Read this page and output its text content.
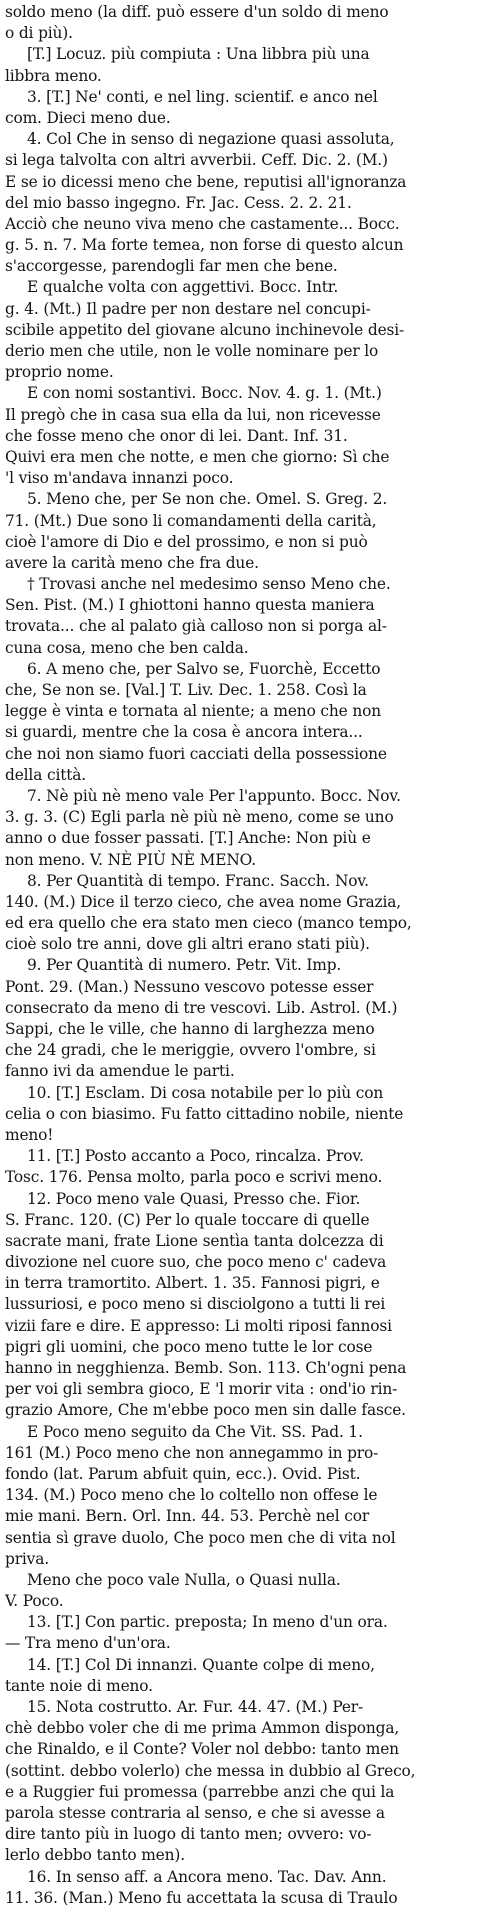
soldo meno (la diff. può essere d'un soldo di meno
o di più).
[T.] Locuz. più compiuta : Una libbra più una
libbra meno.
3. [T.] Ne' conti, e nel ling. scientif. e anco nel
com. Dieci meno due.
4. Col Che in senso di negazione quasi assoluta,
si lega talvolta con altri avverbii. Ceff. Dic. 2. (M.)
E se io dicessi meno che bene, reputisi all'ignoranza
del mio basso ingegno. Fr. Jac. Cess. 2. 2. 21.
Acciò che neuno viva meno che castamente... Bocc.
g. 5. n. 7. Ma forte temea, non forse di questo alcun
s'accorgesse, parendogli far men che bene.
E qualche volta con aggettivi. Bocc. Intr.
g. 4. (Mt.) Il padre per non destare nel concupi-
scibile appetito del giovane alcuno inchinevole desi-
derio men che utile, non le volle nominare per lo
proprio nome.
E con nomi sostantivi. Bocc. Nov. 4. g. 1. (Mt.)
Il pregò che in casa sua ella da lui, non ricevesse
che fosse meno che onor di lei. Dant. Inf. 31.
Quivi era men che notte, e men che giorno: Sì che
'l viso m'andava innanzi poco.
5. Meno che, per Se non che. Omel. S. Greg. 2.
71. (Mt.) Due sono li comandamenti della carità,
cioè l'amore di Dio e del prossimo, e non si può
avere la carità meno che fra due.
† Trovasi anche nel medesimo senso Meno che.
Sen. Pist. (M.) I ghiottoni hanno questa maniera
trovata... che al palato già calloso non si porga al-
cuna cosa, meno che ben calda.
6. A meno che, per Salvo se, Fuorchè, Eccetto
che, Se non se. [Val.] T. Liv. Dec. 1. 258. Così la
legge è vinta e tornata al niente; a meno che non
si guardi, mentre che la cosa è ancora intera...
che noi non siamo fuori cacciati della possessione
della città.
7. Nè più nè meno vale Per l'appunto. Bocc. Nov.
3. g. 3. (C) Egli parla nè più nè meno, come se uno
anno o due fosser passati. [T.] Anche: Non più e
non meno. V. NÈ PIÙ NÈ MENO.
8. Per Quantità di tempo. Franc. Sacch. Nov.
140. (M.) Dice il terzo cieco, che avea nome Grazia,
ed era quello che era stato men cieco (manco tempo,
cioè solo tre anni, dove gli altri erano stati più).
9. Per Quantità di numero. Petr. Vit. Imp.
Pont. 29. (Man.) Nessuno vescovo potesse esser
consecrato da meno di tre vescovi. Lib. Astrol. (M.)
Sappi, che le ville, che hanno di larghezza meno
che 24 gradi, che le meriggie, ovvero l'ombre, si
fanno ivi da amendue le parti.
10. [T.] Esclam. Di cosa notabile per lo più con
celia o con biasimo. Fu fatto cittadino nobile, niente
meno!
11. [T.] Posto accanto a Poco, rincalza. Prov.
Tosc. 176. Pensa molto, parla poco e scrivi meno.
12. Poco meno vale Quasi, Presso che. Fior.
S. Franc. 120. (C) Per lo quale toccare di quelle
sacrate mani, frate Lione sentìa tanta dolcezza di
divozione nel cuore suo, che poco meno c' cadeva
in terra tramortito. Albert. 1. 35. Fannosi pigri, e
lussuriosi, e poco meno si disciolgono a tutti li rei
vizii fare e dire. E appresso: Li molti riposi fannosi
pigri gli uomini, che poco meno tutte le lor cose
hanno in negghienza. Bemb. Son. 113. Ch'ogni pena
per voi gli sembra gioco, E 'l morir vita : ond'io rin-
grazio Amore, Che m'ebbe poco men sin dalle fasce.
E Poco meno seguito da Che Vit. SS. Pad. 1.
161 (M.) Poco meno che non annegammo in pro-
fondo (lat. Parum abfuit quin, ecc.). Ovid. Pist.
134. (M.) Poco meno che lo coltello non offese le
mie mani. Bern. Orl. Inn. 44. 53. Perchè nel cor
sentia sì grave duolo, Che poco men che di vita nol
priva.
Meno che poco vale Nulla, o Quasi nulla.
V. Poco.
13. [T.] Con partic. preposta; In meno d'un ora.
— Tra meno d'un'ora.
14. [T.] Col Di innanzi. Quante colpe di meno,
tante noie di meno.
15. Nota costrutto. Ar. Fur. 44. 47. (M.) Per-
chè debbo voler che di me prima Ammon disponga,
che Rinaldo, e il Conte? Voler nol debbo: tanto men
(sottint. debbo volerlo) che messa in dubbio al Greco,
e a Ruggier fui promessa (parrebbe anzi che qui la
parola stesse contraria al senso, e che si avesse a
dire tanto più in luogo di tanto men; ovvero: vo-
lerlo debbo tanto men).
16. In senso aff. a Ancora meno. Tac. Dav. Ann.
11. 36. (Man.) Meno fu accettata la scusa di Traulo
